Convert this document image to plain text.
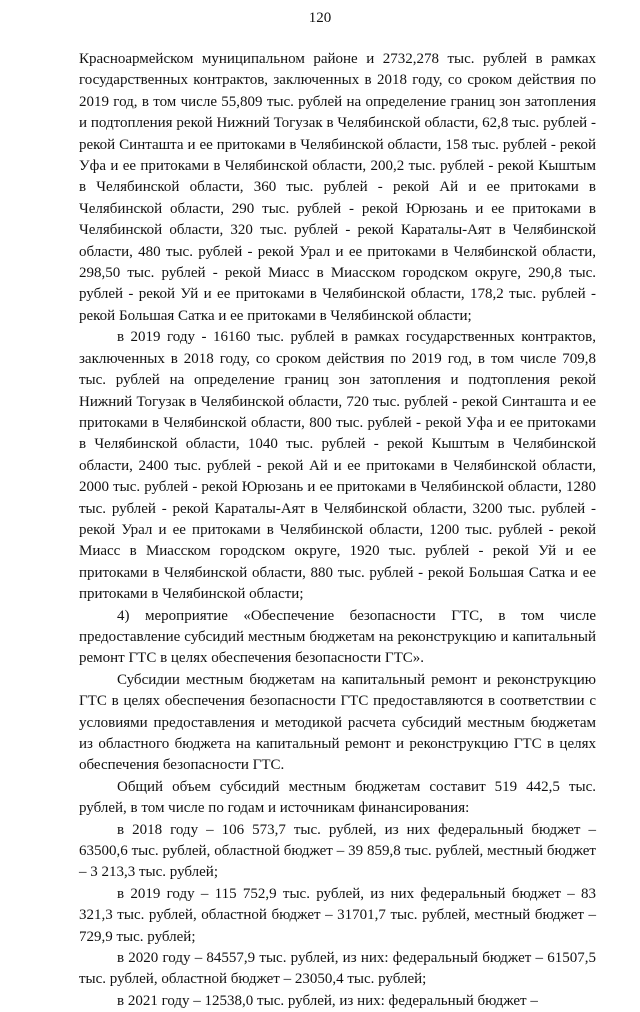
120

Красноармейском муниципальном районе и 2732,278 тыс. рублей в рамках государственных контрактов, заключенных в 2018 году, со сроком действия по 2019 год, в том числе 55,809 тыс. рублей на определение границ зон затопления и подтопления рекой Нижний Тогузак в Челябинской области, 62,8 тыс. рублей - рекой Синташта и ее притоками в Челябинской области, 158 тыс. рублей - рекой Уфа и ее притоками в Челябинской области, 200,2 тыс. рублей - рекой Кыштым в Челябинской области, 360 тыс. рублей - рекой Ай и ее притоками в Челябинской области, 290 тыс. рублей - рекой Юрюзань и ее притоками в Челябинской области, 320 тыс. рублей - рекой Караталы-Аят в Челябинской области, 480 тыс. рублей - рекой Урал и ее притоками в Челябинской области, 298,50 тыс. рублей - рекой Миасс в Миасском городском округе, 290,8 тыс. рублей - рекой Уй и ее притоками в Челябинской области, 178,2 тыс. рублей - рекой Большая Сатка и ее притоками в Челябинской области;

в 2019 году - 16160 тыс. рублей в рамках государственных контрактов, заключенных в 2018 году, со сроком действия по 2019 год, в том числе 709,8 тыс. рублей на определение границ зон затопления и подтопления рекой Нижний Тогузак в Челябинской области, 720 тыс. рублей - рекой Синташта и ее притоками в Челябинской области, 800 тыс. рублей - рекой Уфа и ее притоками в Челябинской области, 1040 тыс. рублей - рекой Кыштым в Челябинской области, 2400 тыс. рублей - рекой Ай и ее притоками в Челябинской области, 2000 тыс. рублей - рекой Юрюзань и ее притоками в Челябинской области, 1280 тыс. рублей - рекой Караталы-Аят в Челябинской области, 3200 тыс. рублей - рекой Урал и ее притоками в Челябинской области, 1200 тыс. рублей - рекой Миасс в Миасском городском округе, 1920 тыс. рублей - рекой Уй и ее притоками в Челябинской области, 880 тыс. рублей - рекой Большая Сатка и ее притоками в Челябинской области;

4) мероприятие «Обеспечение безопасности ГТС, в том числе предоставление субсидий местным бюджетам на реконструкцию и капитальный ремонт ГТС в целях обеспечения безопасности ГТС».

Субсидии местным бюджетам на капитальный ремонт и реконструкцию ГТС в целях обеспечения безопасности ГТС предоставляются в соответствии с условиями предоставления и методикой расчета субсидий местным бюджетам из областного бюджета на капитальный ремонт и реконструкцию ГТС в целях обеспечения безопасности ГТС.

Общий объем субсидий местным бюджетам составит 519 442,5 тыс. рублей, в том числе по годам и источникам финансирования:

в 2018 году – 106 573,7 тыс. рублей, из них федеральный бюджет – 63500,6 тыс. рублей, областной бюджет – 39 859,8 тыс. рублей, местный бюджет – 3 213,3 тыс. рублей;

в 2019 году – 115 752,9 тыс. рублей, из них федеральный бюджет – 83 321,3 тыс. рублей, областной бюджет – 31701,7 тыс. рублей, местный бюджет – 729,9 тыс. рублей;

в 2020 году – 84557,9 тыс. рублей, из них: федеральный бюджет – 61507,5 тыс. рублей, областной бюджет – 23050,4 тыс. рублей;

в 2021 году – 12538,0 тыс. рублей, из них: федеральный бюджет –
